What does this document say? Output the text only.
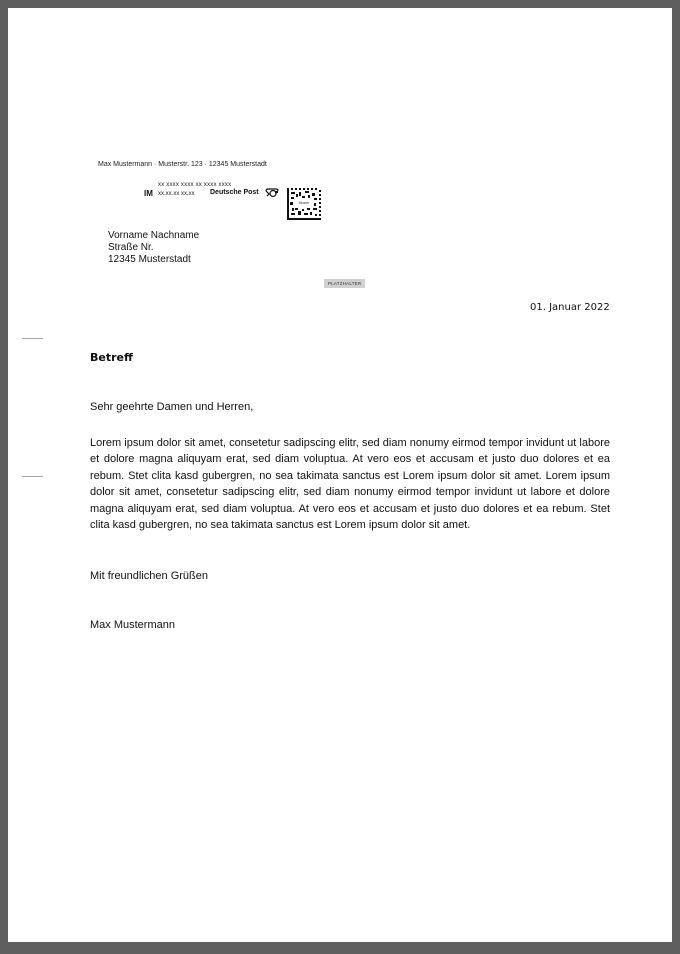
Max Mustermann · Musterstr. 123 · 12345 Musterstadt
xx xxxx xxxx xx xxxx xxxx
IM xx.xx.xx xx,xx Deutsche Post
Muster
Vorname Nachname
Straße Nr.
12345 Musterstadt
PLATZHALTER
01. Januar 2022
Betreff
Sehr geehrte Damen und Herren,

Lorem ipsum dolor sit amet, consetetur sadipscing elitr, sed diam nonumy eirmod tempor invidunt ut labore et dolore magna aliquyam erat, sed diam voluptua. At vero eos et accusam et justo duo dolores et ea rebum. Stet clita kasd gubergren, no sea takimata sanctus est Lorem ipsum dolor sit amet. Lorem ipsum dolor sit amet, consetetur sadipscing elitr, sed diam nonumy eirmod tempor invidunt ut labore et dolore magna aliquyam erat, sed diam voluptua. At vero eos et accusam et justo duo dolores et ea rebum. Stet clita kasd gubergren, no sea takimata sanctus est Lorem ipsum dolor sit amet.

Mit freundlichen Grüßen
Max Mustermann
